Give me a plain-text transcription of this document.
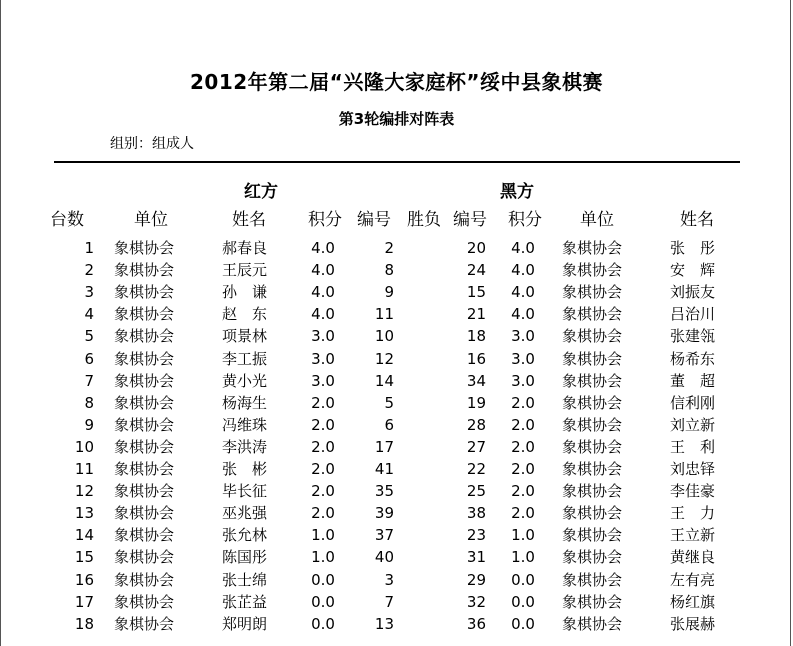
2012年第二届“兴隆大家庭杯”绥中县象棋赛
第3轮编排对阵表
组别：组成人
红方	黑方
台数	单位	姓名	积分 编号 胜负 编号	积分	单位	姓名
1 象棋协会	郝春良	4.0	2	20	4.0	象棋协会	张　彤
2 象棋协会	王辰元	4.0	8	24	4.0	象棋协会	安　辉
3 象棋协会	孙　谦	4.0	9	15	4.0	象棋协会	刘振友
4 象棋协会	赵　东	4.0	11	21	4.0	象棋协会	吕治川
5 象棋协会	项景林	3.0	10	18	3.0	象棋协会	张建瓴
6 象棋协会	李工振	3.0	12	16	3.0	象棋协会	杨希东
7 象棋协会	黄小光	3.0	14	34	3.0	象棋协会	董　超
8 象棋协会	杨海生	2.0	5	19	2.0	象棋协会	信利刚
9 象棋协会	冯维珠	2.0	6	28	2.0	象棋协会	刘立新
10 象棋协会	李洪涛	2.0	17	27	2.0	象棋协会	王　利
11 象棋协会	张　彬	2.0	41	22	2.0	象棋协会	刘忠铎
12 象棋协会	毕长征	2.0	35	25	2.0	象棋协会	李佳豪
13 象棋协会	巫兆强	2.0	39	38	2.0	象棋协会	王　力
14 象棋协会	张允林	1.0	37	23	1.0	象棋协会	王立新
15 象棋协会	陈国彤	1.0	40	31	1.0	象棋协会	黄继良
16 象棋协会	张士绵	0.0	3	29	0.0	象棋协会	左有亮
17 象棋协会	张芷益	0.0	7	32	0.0	象棋协会	杨红旗
18 象棋协会	郑明朗	0.0	13	36	0.0	象棋协会	张展赫
